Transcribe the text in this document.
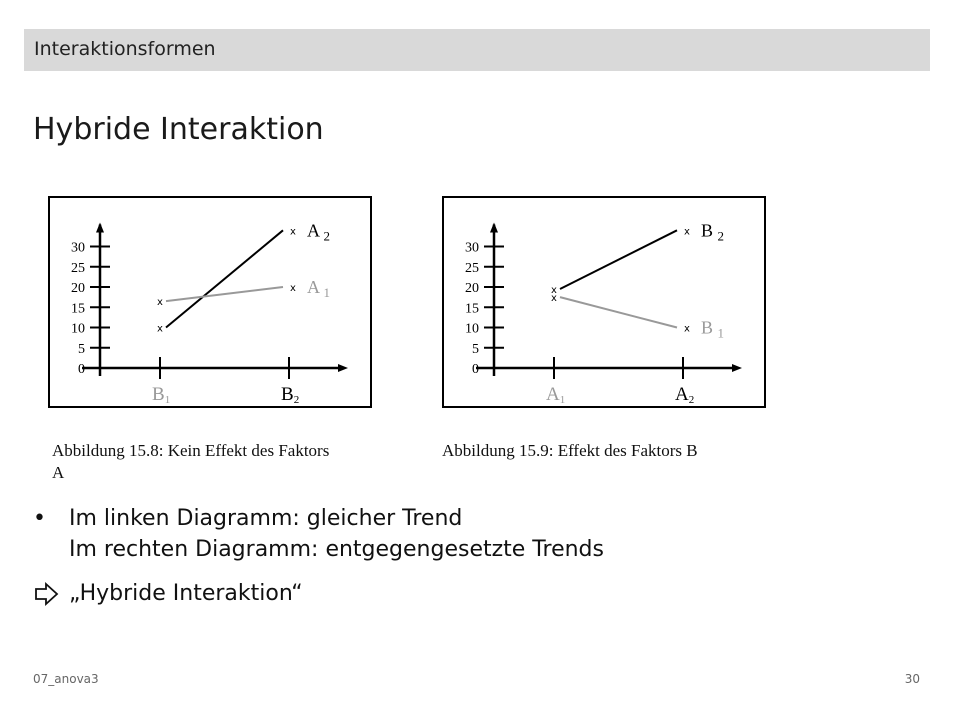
Interaktionsformen
Hybride Interaktion
30
25
20
15
10
5
0
B1	B2
x
x A $_2$
x
x A $_1$
30
25
20
15
10
5
0
A1	A2
x
x B $_2$
x
x B $_1$
Abbildung 15.8: Kein Effekt des Faktors
A
Abbildung 15.9: Effekt des Faktors B
• Im linken Diagramm: gleicher Trend
Im rechten Diagramm: entgegengesetzte Trends
„Hybride Interaktion“
07_anova3	30
